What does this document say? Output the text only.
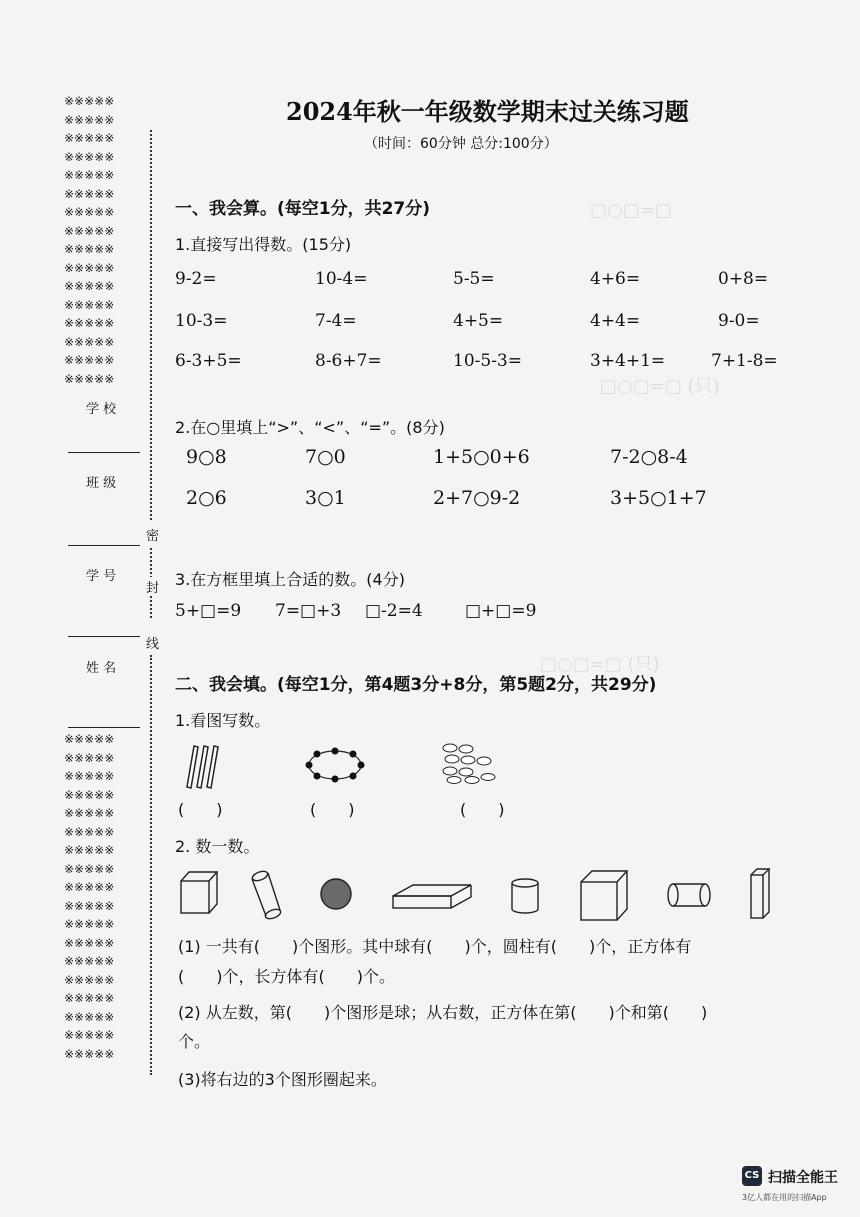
□○□=□
□○□=□ (只)
□○□=□ (只)
※※※※※
※※※※※
※※※※※
※※※※※
※※※※※
※※※※※
※※※※※
※※※※※
※※※※※
※※※※※
※※※※※
※※※※※
※※※※※
※※※※※
※※※※※
※※※※※
※※※※※
※※※※※
※※※※※
※※※※※
※※※※※
※※※※※
※※※※※
※※※※※
※※※※※
※※※※※
※※※※※
※※※※※
※※※※※
※※※※※
※※※※※
※※※※※
※※※※※
※※※※※
学 校
班 级
学 号
姓 名
密
封
线
2024年秋一年级数学期末过关练习题
（时间：60分钟 总分:100分）
一、我会算。(每空1分，共27分)
1.直接写出得数。(15分)
9-2=	10-4=	5-5=	4+6=	0+8=
10-3=	7-4=	4+5=	4+4=	9-0=
6-3+5=	8-6+7=	10-5-3=	3+4+1=	7+1-8=
2.在○里填上“>”、“<”、“=”。(8分)
9○8	7○0	1+5○0+6	7-2○8-4
2○6	3○1	2+7○9-2	3+5○1+7
3.在方框里填上合适的数。(4分)
5+□=9 7=□+3 □-2=4 □+□=9
二、我会填。(每空1分，第4题3分+8分，第5题2分，共29分)
1.看图写数。
(　　)	(　　)	(　　)
2. 数一数。
(1) 一共有(　　)个图形。其中球有(　　)个，圆柱有(　　)个，正方体有
(　　)个，长方体有(　　)个。
(2) 从左数，第(　　)个图形是球；从右数，正方体在第(　　)个和第(　　)
个。
(3)将右边的3个图形圈起来。
CS 扫描全能王
3亿人都在用的扫描App
